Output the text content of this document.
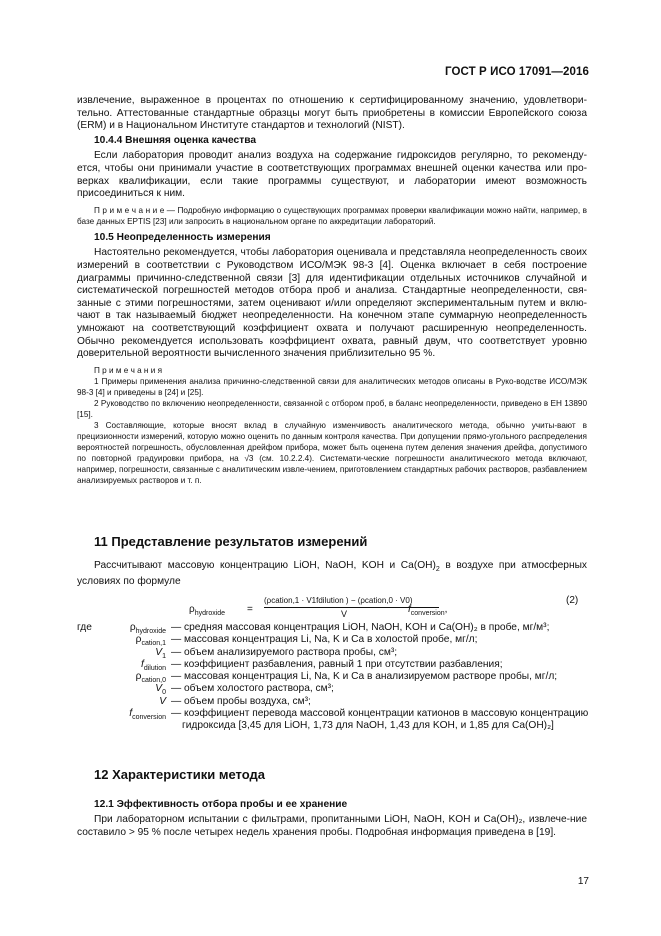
ГОСТ Р ИСО 17091—2016

извлечение, выраженное в процентах по отношению к сертифицированному значению, удовлетвори-тельно. Аттестованные стандартные образцы могут быть приобретены в комиссии Европейского союза (ERM) и в Национальном Институте стандартов и технологий (NIST).

10.4.4 Внешняя оценка качества

Если лаборатория проводит анализ воздуха на содержание гидроксидов регулярно, то рекоменду-ется, чтобы они принимали участие в соответствующих программах внешней оценки качества или про-верках квалификации, если такие программы существуют, и лаборатории имеют возможность присоединиться к ним.

П р и м е ч а н и е — Подробную информацию о существующих программах проверки квалификации можно найти, например, в базе данных EPTIS [23] или запросить в национальном органе по аккредитации лабораторий.

10.5 Неопределенность измерения

Настоятельно рекомендуется, чтобы лаборатория оценивала и представляла неопределенность своих измерений в соответствии с Руководством ИСО/МЭК 98-3 [4]. Оценка включает в себя построение диаграммы причинно-следственной связи [3] для идентификации отдельных источников случайной и систематической погрешностей методов отбора проб и анализа. Стандартные неопределенности, свя-занные с этими погрешностями, затем оценивают и/или определяют экспериментальным путем и вклю-чают в так называемый бюджет неопределенности. На конечном этапе суммарную неопределенность умножают на соответствующий коэффициент охвата и получают расширенную неопределенность. Обычно рекомендуется использовать коэффициент охвата, равный двум, что соответствует уровню доверительной вероятности вычисленного значения приблизительно 95 %.

П р и м е ч а н и я

1 Примеры применения анализа причинно-следственной связи для аналитических методов описаны в Руко-водстве ИСО/МЭК 98-3 [4] и приведены в [24] и [25].

2 Руководство по включению неопределенности, связанной с отбором проб, в баланс неопределенности, приведено в ЕН 13890 [15].

3 Составляющие, которые вносят вклад в случайную изменчивость аналитического метода, обычно учиты-вают в прецизионности измерений, которую можно оценить по данным контроля качества. При допущении прямо-угольного распределения вероятностей погрешность, обусловленная дрейфом прибора, может быть оценена путем деления значения дрейфа, допустимого по повторной градуировки прибора, на √3 (см. 10.2.2.4). Системати-ческие погрешности аналитического метода включают, например, погрешности, связанные с аналитическим извле-чением, приготовлением стандартных рабочих растворов, разбавлением анализируемых растворов и т. п.

11 Представление результатов измерений

Рассчитывают массовую концентрацию LiOH, NaOH, KOH и $Ca(OH)_2$ в воздухе при атмосферных условиях по формуле

$\rho_{hydroxide}$ =
(ρcation,1 · V1fdilution ) − (ρcation,0 · V0)
V	$f_{conversion}$,
(2)
где	$\rho_{hydroxide}$ — средняя массовая концентрация LiOH, NaOH, KOH и Ca(OH)₂ в пробе, мг/м³;
$\rho_{cation,1}$ — массовая концентрация Li, Na, K и Ca в холостой пробе, мг/л;
$V_1$ — объем анализируемого раствора пробы, см³;
$f_{dilution}$ — коэффициент разбавления, равный 1 при отсутствии разбавления;
$\rho_{cation,0}$ — массовая концентрация Li, Na, K и Ca в анализируемом растворе пробы, мг/л;
$V_0$ — объем холостого раствора, см³;
V — объем пробы воздуха, см³;
$f_{conversion}$ — коэффициент перевода массовой концентрации катионов в массовую концентрацию
гидроксида [3,45 для LiOH, 1,73 для NaOH, 1,43 для KOH, и 1,85 для Ca(OH)₂]

12 Характеристики метода

12.1 Эффективность отбора пробы и ее хранение

При лабораторном испытании с фильтрами, пропитанными LiOH, NaOH, KOH и Ca(OH)₂, извлече-ние составило > 95 % после четырех недель хранения пробы. Подробная информация приведена в [19].

17
